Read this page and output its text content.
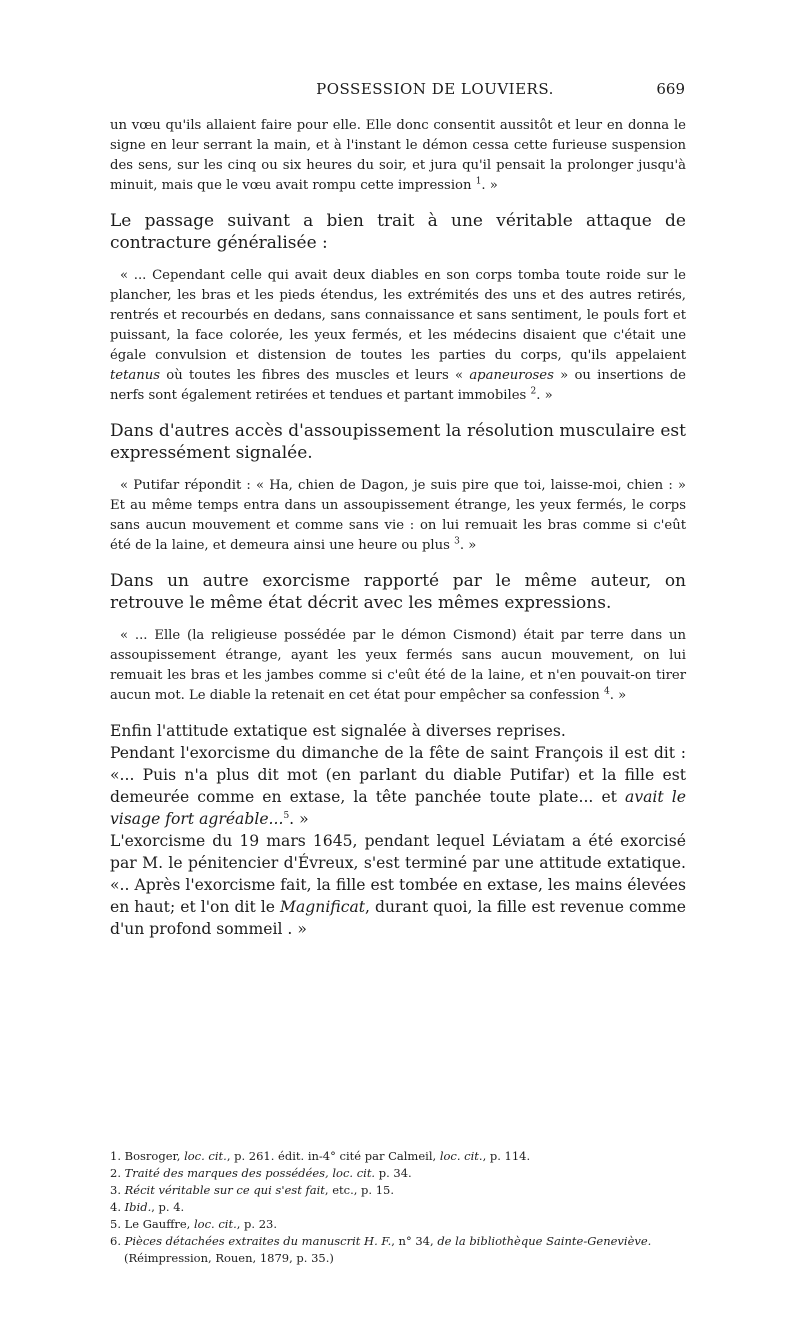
POSSESSION DE LOUVIERS.	669

un vœu qu'ils allaient faire pour elle. Elle donc consentit aussitôt et leur en donna le signe en leur serrant la main, et à l'instant le démon cessa cette furieuse suspension des sens, sur les cinq ou six heures du soir, et jura qu'il pensait la prolonger jusqu'à minuit, mais que le vœu avait rompu cette impression $^1$. »

Le passage suivant a bien trait à une véritable attaque de contracture généralisée :

« ... Cependant celle qui avait deux diables en son corps tomba toute roide sur le plancher, les bras et les pieds étendus, les extrémités des uns et des autres retirés, rentrés et recourbés en dedans, sans connaissance et sans sentiment, le pouls fort et puissant, la face colorée, les yeux fermés, et les médecins disaient que c'était une égale convulsion et distension de toutes les parties du corps, qu'ils appelaient tetanus où toutes les fibres des muscles et leurs « apaneuroses » ou insertions de nerfs sont également retirées et tendues et partant immobiles $^2$. »

Dans d'autres accès d'assoupissement la résolution musculaire est expressément signalée.

« Putifar répondit : « Ha, chien de Dagon, je suis pire que toi, laisse-moi, chien : » Et au même temps entra dans un assoupissement étrange, les yeux fermés, le corps sans aucun mouvement et comme sans vie : on lui remuait les bras comme si c'eût été de la laine, et demeura ainsi une heure ou plus $^3$. »

Dans un autre exorcisme rapporté par le même auteur, on retrouve le même état décrit avec les mêmes expressions.

« ... Elle (la religieuse possédée par le démon Cismond) était par terre dans un assoupissement étrange, ayant les yeux fermés sans aucun mouvement, on lui remuait les bras et les jambes comme si c'eût été de la laine, et n'en pouvait-on tirer aucun mot. Le diable la retenait en cet état pour empêcher sa confession $^4$. »

Enfin l'attitude extatique est signalée à diverses reprises.

Pendant l'exorcisme du dimanche de la fête de saint François il est dit : «... Puis n'a plus dit mot (en parlant du diable Putifar) et la fille est demeurée comme en extase, la tête panchée toute plate... et avait le visage fort agréable...$^5$. »

L'exorcisme du 19 mars 1645, pendant lequel Léviatam a été exorcisé par M. le pénitencier d'Évreux, s'est terminé par une attitude extatique. «.. Après l'exorcisme fait, la fille est tombée en extase, les mains élevées en haut; et l'on dit le Magnificat, durant quoi, la fille est revenue comme d'un profond sommeil . »

1. Bosroger, loc. cit., p. 261. édit. in-4° cité par Calmeil, loc. cit., p. 114.
2. Traité des marques des possédées, loc. cit. p. 34.
3. Récit véritable sur ce qui s'est fait, etc., p. 15.
4. Ibid., p. 4.
5. Le Gauffre, loc. cit., p. 23.
6. Pièces détachées extraites du manuscrit H. F., n° 34, de la bibliothèque Sainte-Geneviève. (Réimpression, Rouen, 1879, p. 35.)
